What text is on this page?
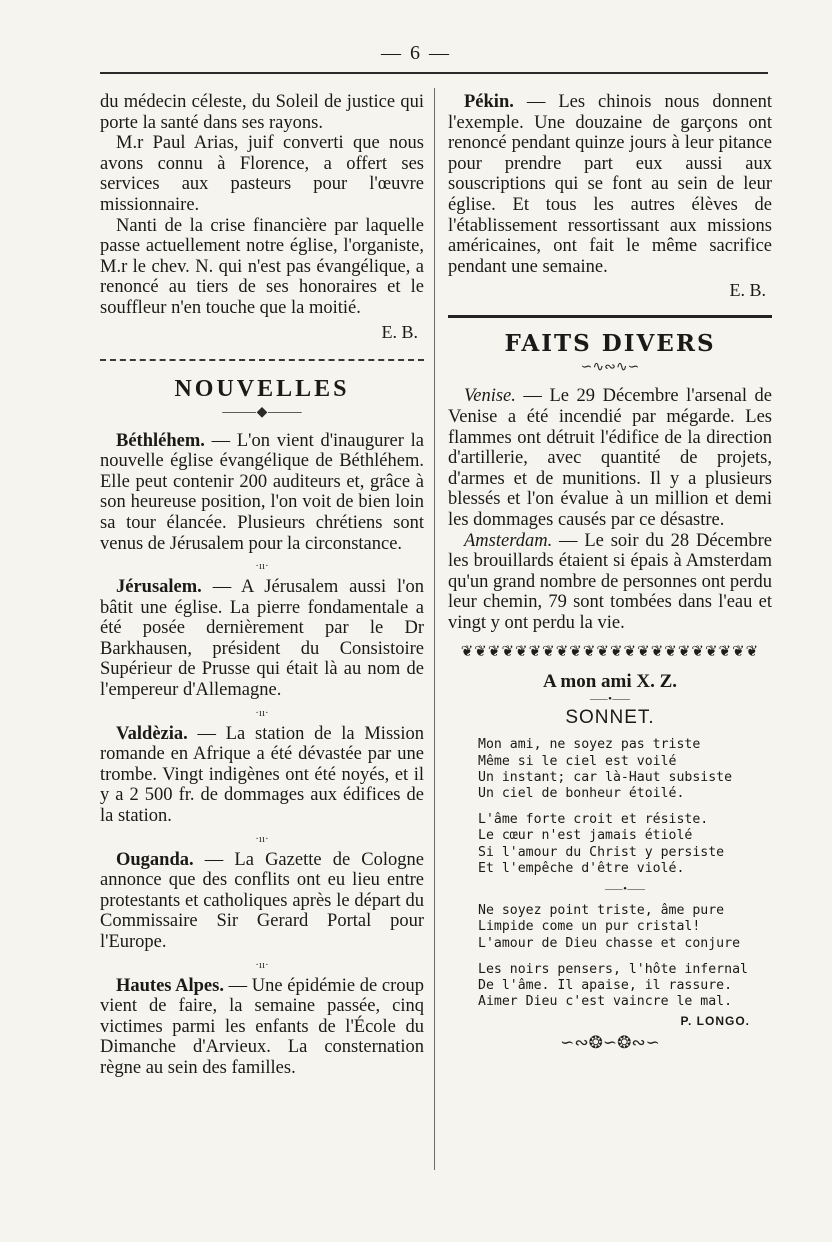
— 6 —

du médecin céleste, du Soleil de justice qui porte la santé dans ses rayons.

M.r Paul Arias, juif converti que nous avons connu à Florence, a offert ses services aux pasteurs pour l'œuvre missionnaire.

Nanti de la crise financière par laquelle passe actuellement notre église, l'organiste, M.r le chev. N. qui n'est pas évangélique, a renoncé au tiers de ses honoraires et le souffleur n'en touche que la moitié.

E. B.
NOUVELLES
⸻◆⸻

Béthléhem. — L'on vient d'inaugurer la nouvelle église évangélique de Béthléhem. Elle peut contenir 200 auditeurs et, grâce à son heureuse position, l'on voit de bien loin sa tour élancée. Plusieurs chrétiens sont venus de Jérusalem pour la circonstance.

·ıı·

Jérusalem. — A Jérusalem aussi l'on bâtit une église. La pierre fondamentale a été posée dernièrement par le Dr Barkhausen, président du Consistoire Supérieur de Prusse qui était là au nom de l'empereur d'Allemagne.

·ıı·

Valdèzia. — La station de la Mission romande en Afrique a été dévastée par une trombe. Vingt indigènes ont été noyés, et il y a 2 500 fr. de dommages aux édifices de la station.

·ıı·

Ouganda. — La Gazette de Cologne annonce que des conflits ont eu lieu entre protestants et catholiques après le départ du Commissaire Sir Gerard Portal pour l'Europe.

·ıı·

Hautes Alpes. — Une épidémie de croup vient de faire, la semaine passée, cinq victimes parmi les enfants de l'École du Dimanche d'Arvieux. La consternation règne au sein des familles.

Pékin. — Les chinois nous donnent l'exemple. Une douzaine de garçons ont renoncé pendant quinze jours à leur pitance pour prendre part eux aussi aux souscriptions qui se font au sein de leur église. Et tous les autres élèves de l'établissement ressortissant aux missions américaines, ont fait le même sacrifice pendant une semaine.

E. B.
FAITS DIVERS
∽∿∾∿∽

Venise. — Le 29 Décembre l'arsenal de Venise a été incendié par mégarde. Les flammes ont détruit l'édifice de la direction d'artillerie, avec quantité de projets, d'armes et de munitions. Il y a plusieurs blessés et l'on évalue à un million et demi les dommages causés par ce désastre.

Amsterdam. — Le soir du 28 Décembre les brouillards étaient si épais à Amsterdam qu'un grand nombre de personnes ont perdu leur chemin, 79 sont tombées dans l'eau et vingt y ont perdu la vie.

❦❦❦❦❦❦❦❦❦❦❦❦❦❦❦❦❦❦❦❦❦❦
A mon ami X. Z.
⸺•⸺
SONNET.
Mon ami, ne soyez pas triste
Même si le ciel est voilé
Un instant; car là-Haut subsiste
Un ciel de bonheur étoilé.
L'âme forte croit et résiste.
Le cœur n'est jamais étiolé
Si l'amour du Christ y persiste
Et l'empêche d'être violé.
⸺•⸺
Ne soyez point triste, âme pure
Limpide come un pur cristal!
L'amour de Dieu chasse et conjure
Les noirs pensers, l'hôte infernal
De l'âme. Il apaise, il rassure.
Aimer Dieu c'est vaincre le mal.
P. LONGO.
∽∾❂∽❂∾∽
